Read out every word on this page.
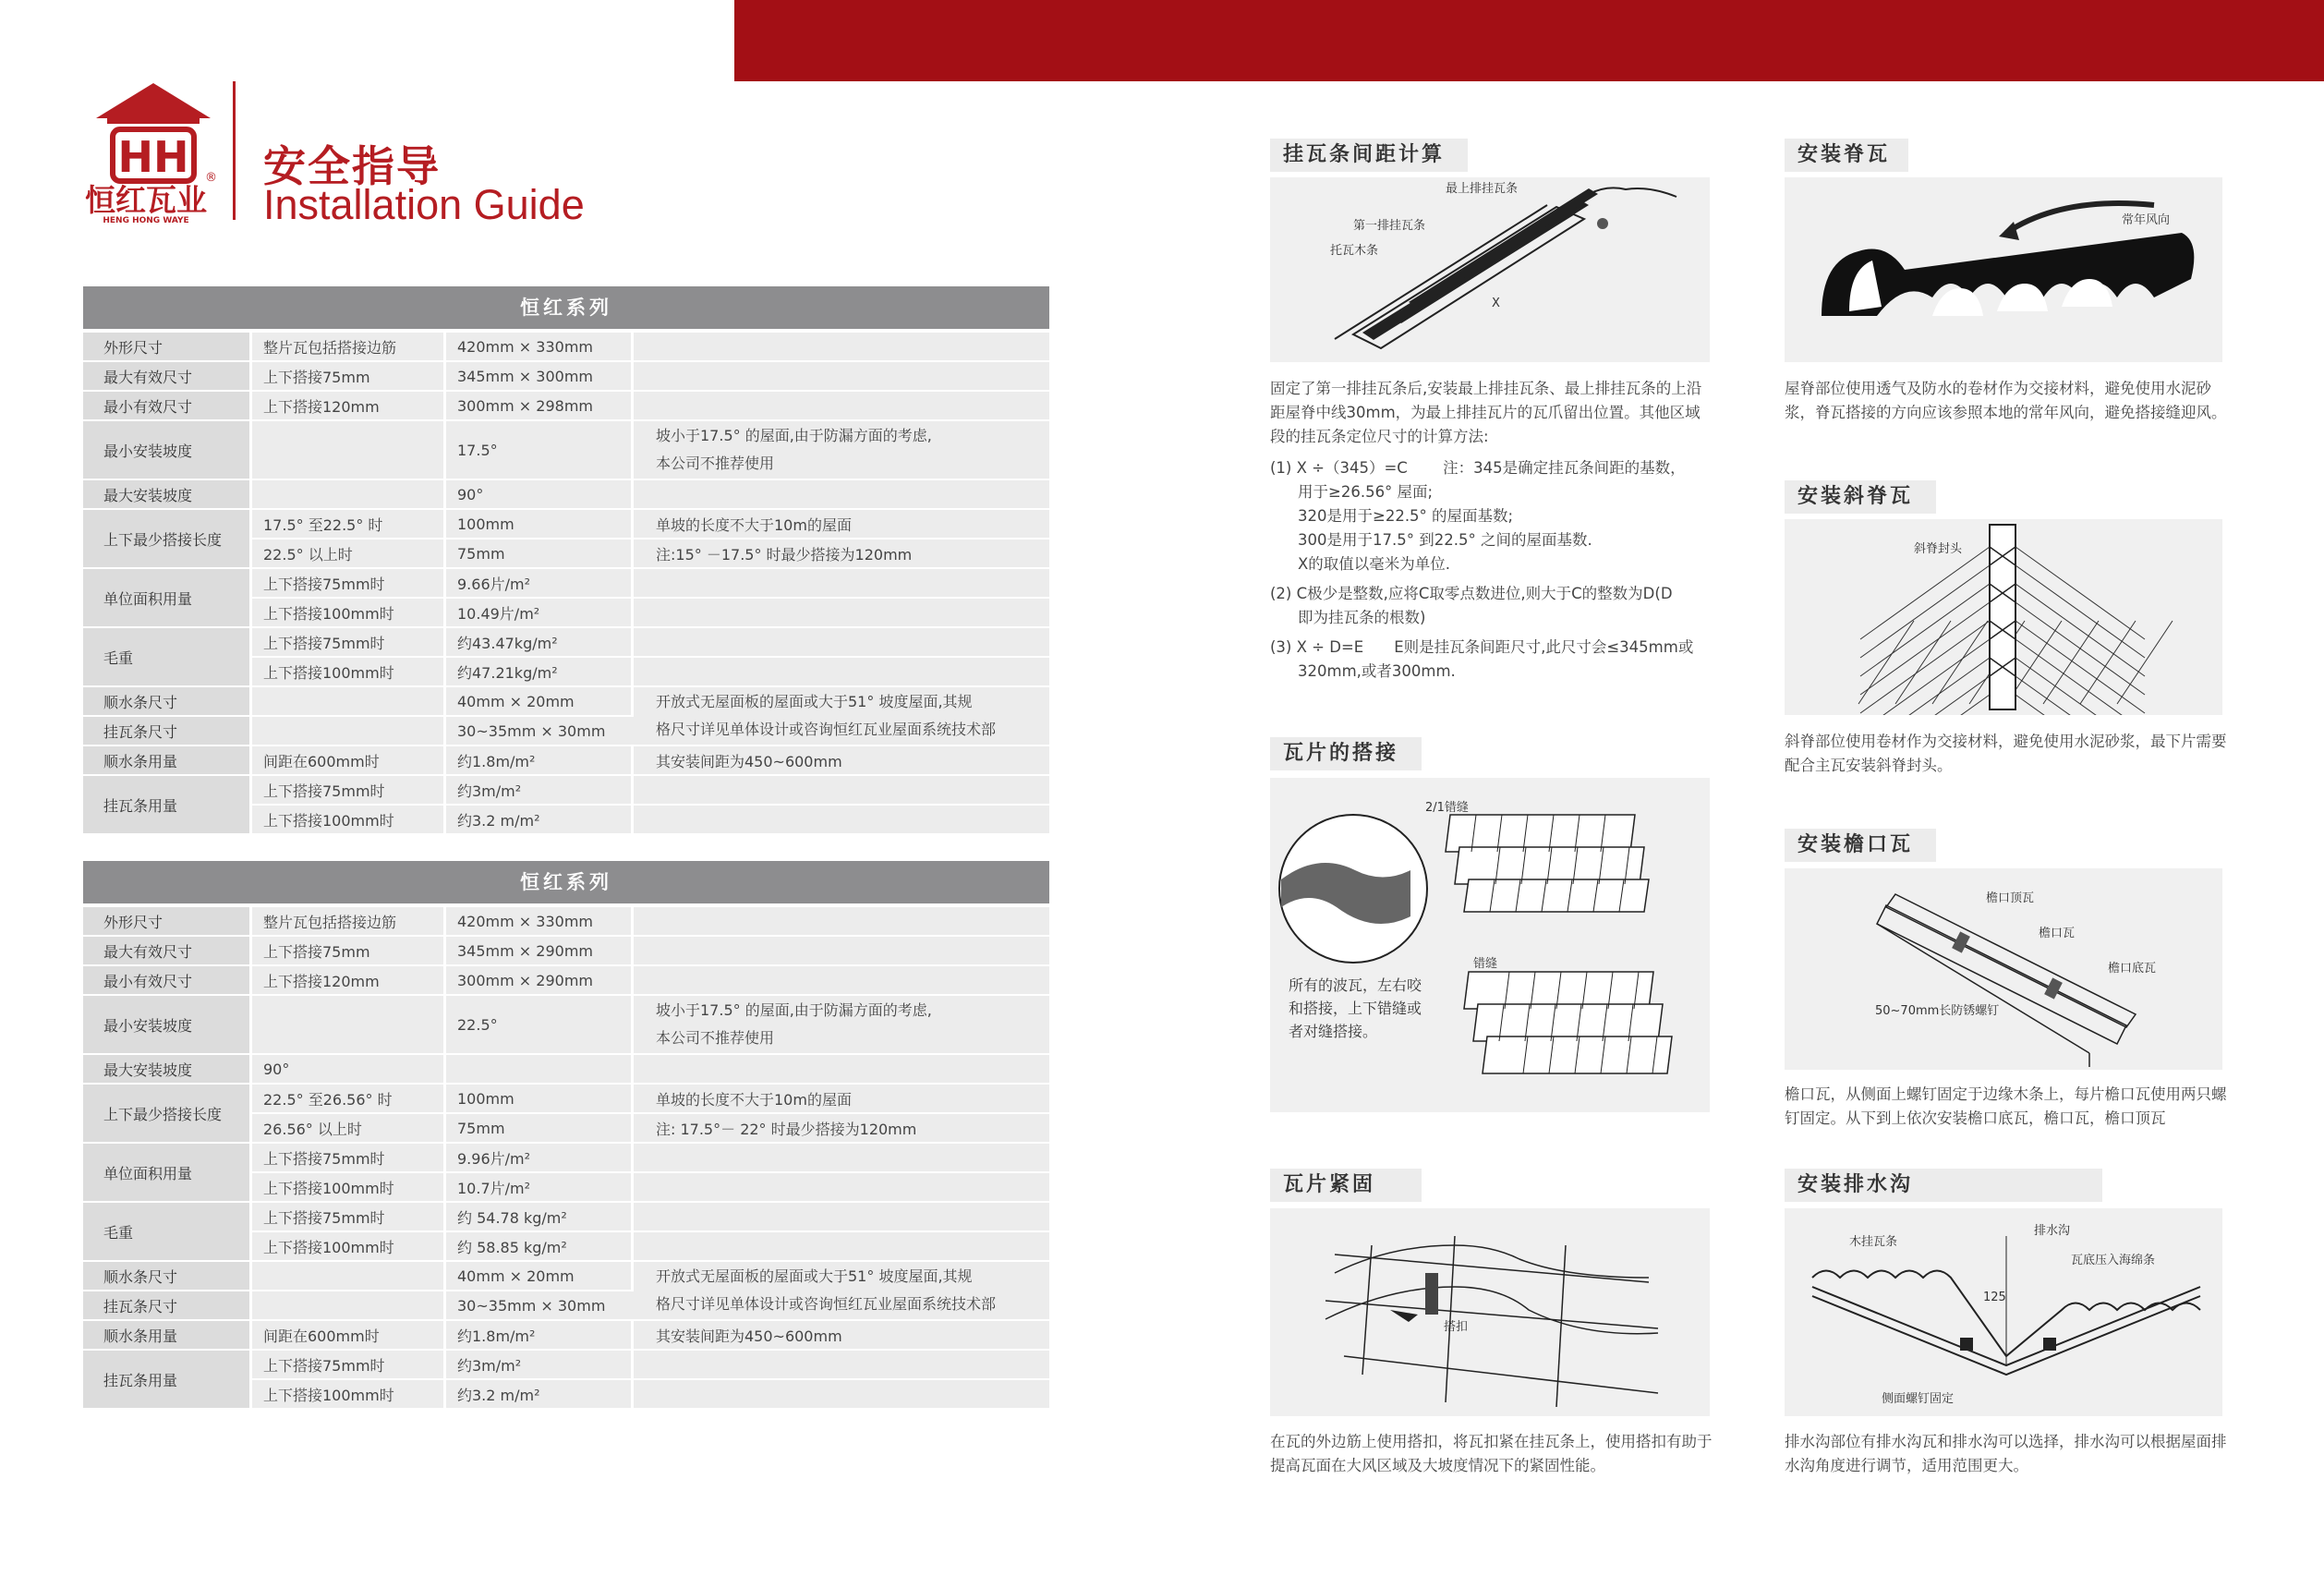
HH ®
恒红瓦业
HENG HONG WAYE
安全指导
Installation Guide
恒红系列
外形尺寸	整片瓦包括搭接边筋	420mm × 330mm	
最大有效尺寸	上下搭接75mm	345mm × 300mm	
最小有效尺寸	上下搭接120mm	300mm × 298mm	
最小安装坡度		17.5°	坡小于17.5° 的屋面,由于防漏方面的考虑,
本公司不推荐使用

最大安装坡度		90°	
上下最少搭接长度	17.5° 至22.5° 时	100mm	单坡的长度不大于10m的屋面
	22.5° 以上时	75mm	注:15° －17.5° 时最少搭接为120mm
单位面积用量	上下搭接75mm时	9.66片/m²	
	上下搭接100mm时	10.49片/m²	
毛重	上下搭接75mm时	约43.47kg/m²	
	上下搭接100mm时	约47.21kg/m²	
顺水条尺寸		40mm × 20mm	开放式无屋面板的屋面或大于51° 坡度屋面,其规
格尺寸详见单体设计或咨询恒红瓦业屋面系统技术部

挂瓦条尺寸		30~35mm × 30mm	
顺水条用量	间距在600mm时	约1.8m/m²	其安装间距为450~600mm
挂瓦条用量	上下搭接75mm时	约3m/m²	
	上下搭接100mm时	约3.2 m/m²	
恒红系列
外形尺寸	整片瓦包括搭接边筋	420mm × 330mm	
最大有效尺寸	上下搭接75mm	345mm × 290mm	
最小有效尺寸	上下搭接120mm	300mm × 290mm	
最小安装坡度		22.5°	坡小于17.5° 的屋面,由于防漏方面的考虑,
本公司不推荐使用

最大安装坡度	90°		
上下最少搭接长度	22.5° 至26.56° 时	100mm	单坡的长度不大于10m的屋面
	26.56° 以上时	75mm	注: 17.5°－ 22° 时最少搭接为120mm
单位面积用量	上下搭接75mm时	9.96片/m²	
	上下搭接100mm时	10.7片/m²	
毛重	上下搭接75mm时	约 54.78 kg/m²	
	上下搭接100mm时	约 58.85 kg/m²	
顺水条尺寸		40mm × 20mm	开放式无屋面板的屋面或大于51° 坡度屋面,其规
格尺寸详见单体设计或咨询恒红瓦业屋面系统技术部

挂瓦条尺寸		30~35mm × 30mm	
顺水条用量	间距在600mm时	约1.8m/m²	其安装间距为450~600mm
挂瓦条用量	上下搭接75mm时	约3m/m²	
	上下搭接100mm时	约3.2 m/m²	
挂瓦条间距计算
最上排挂瓦条
第一排挂瓦条
托瓦木条
X

固定了第一排挂瓦条后,安装最上排挂瓦条、最上排挂瓦条的上沿距屋脊中线30mm，为最上排挂瓦片的瓦爪留出位置。其他区域段的挂瓦条定位尺寸的计算方法:

(1) X ÷（345）=C 　　注：345是确定挂瓦条间距的基数，

用于≥26.56° 屋面;

320是用于≥22.5° 的屋面基数;

300是用于17.5° 到22.5° 之间的屋面基数.

X的取值以毫米为单位.

(2) C极少是整数,应将C取零点数进位,则大于C的整数为D(D

即为挂瓦条的根数)

(3) X ÷ D=E　　E则是挂瓦条间距尺寸,此尺寸会≤345mm或

320mm,或者300mm.

瓦片的搭接
2/1错缝
错缝
所有的波瓦，左右咬
和搭接，上下错缝或
者对缝搭接。
瓦片紧固
搭扣
在瓦的外边筋上使用搭扣，将瓦扣紧在挂瓦条上，使用搭扣有助于提高瓦面在大风区域及大坡度情况下的紧固性能。
安装脊瓦
常年风向
屋脊部位使用透气及防水的卷材作为交接材料，避免使用水泥砂浆，脊瓦搭接的方向应该参照本地的常年风向，避免搭接缝迎风。
安装斜脊瓦
斜脊封头
斜脊部位使用卷材作为交接材料，避免使用水泥砂浆，最下片需要配合主瓦安装斜脊封头。
安装檐口瓦
檐口顶瓦
檐口瓦
檐口底瓦
50~70mm长防锈螺钉
檐口瓦，从侧面上螺钉固定于边缘木条上，每片檐口瓦使用两只螺钉固定。从下到上依次安装檐口底瓦，檐口瓦，檐口顶瓦
安装排水沟
木挂瓦条
排水沟
瓦底压入海绵条
125
侧面螺钉固定
排水沟部位有排水沟瓦和排水沟可以选择，排水沟可以根据屋面排水沟角度进行调节，适用范围更大。
